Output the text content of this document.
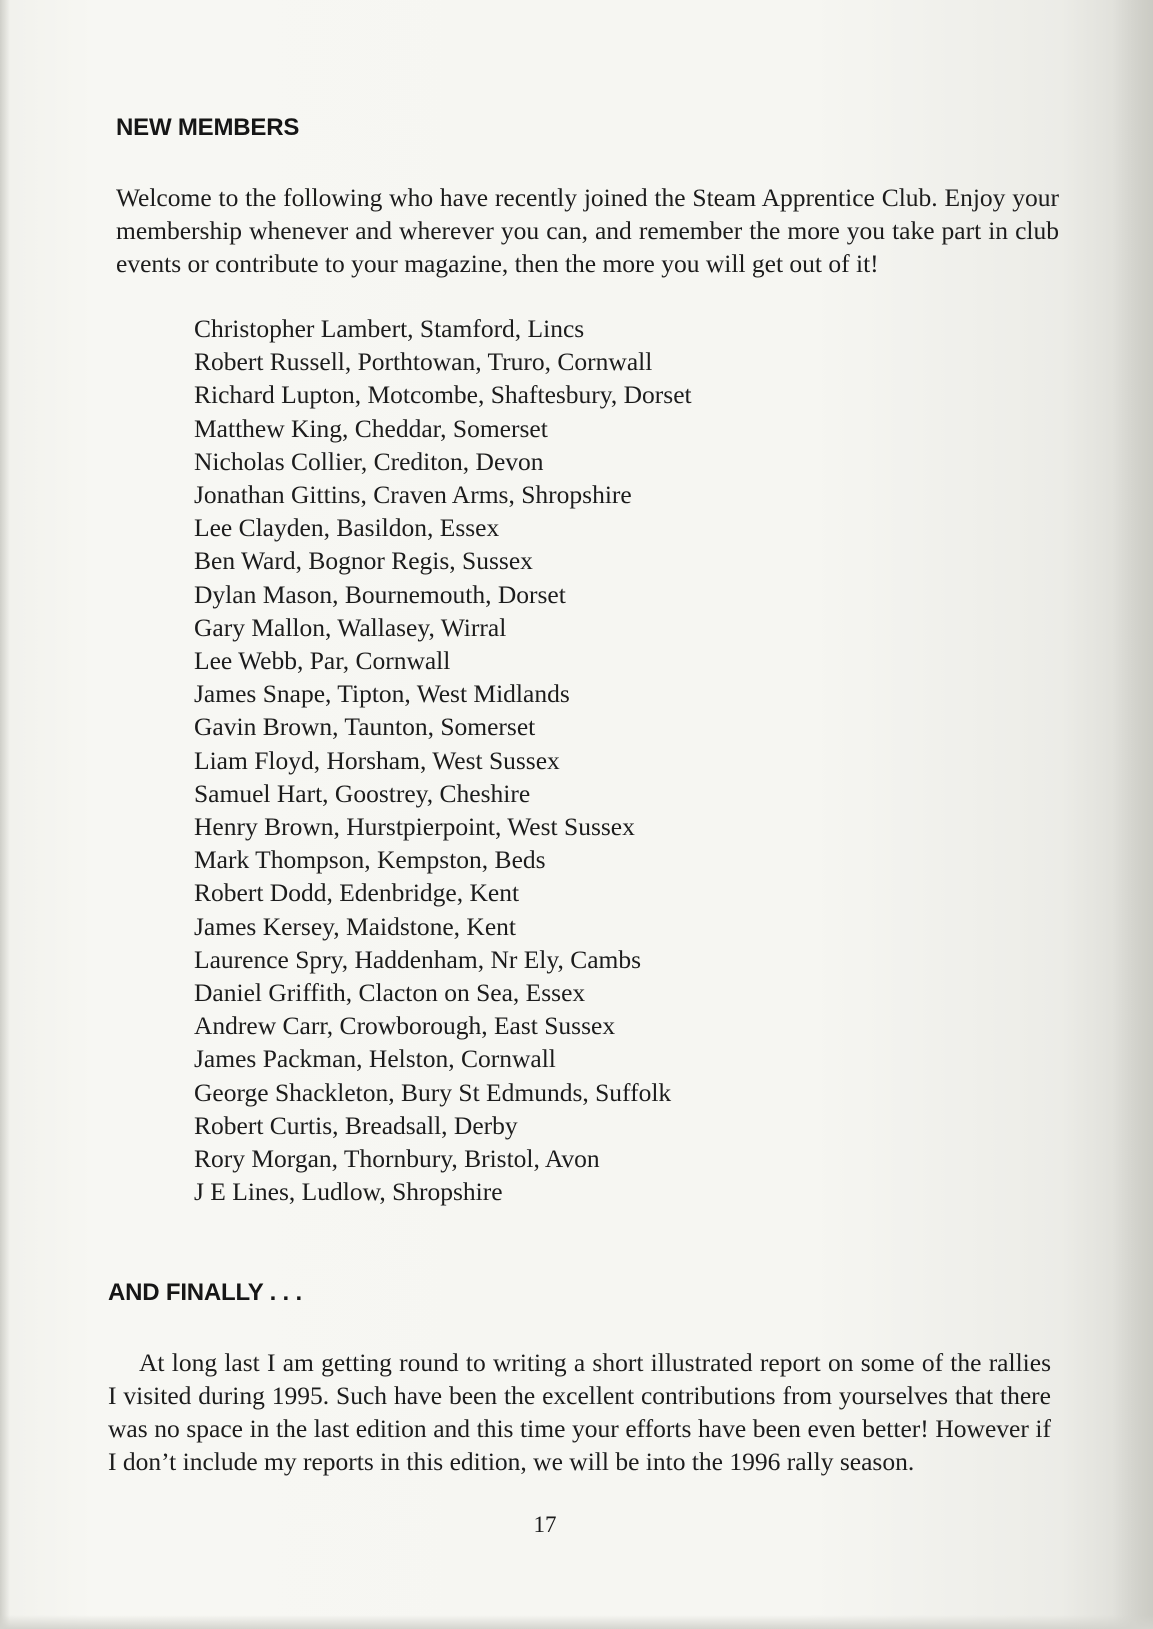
NEW MEMBERS

Welcome to the following who have recently joined the Steam Apprentice Club. Enjoy your membership whenever and wherever you can, and remember the more you take part in club events or contribute to your magazine, then the more you will get out of it!

Christopher Lambert, Stamford, Lincs
Robert Russell, Porthtowan, Truro, Cornwall
Richard Lupton, Motcombe, Shaftesbury, Dorset
Matthew King, Cheddar, Somerset
Nicholas Collier, Crediton, Devon
Jonathan Gittins, Craven Arms, Shropshire
Lee Clayden, Basildon, Essex
Ben Ward, Bognor Regis, Sussex
Dylan Mason, Bournemouth, Dorset
Gary Mallon, Wallasey, Wirral
Lee Webb, Par, Cornwall
James Snape, Tipton, West Midlands
Gavin Brown, Taunton, Somerset
Liam Floyd, Horsham, West Sussex
Samuel Hart, Goostrey, Cheshire
Henry Brown, Hurstpierpoint, West Sussex
Mark Thompson, Kempston, Beds
Robert Dodd, Edenbridge, Kent
James Kersey, Maidstone, Kent
Laurence Spry, Haddenham, Nr Ely, Cambs
Daniel Griffith, Clacton on Sea, Essex
Andrew Carr, Crowborough, East Sussex
James Packman, Helston, Cornwall
George Shackleton, Bury St Edmunds, Suffolk
Robert Curtis, Breadsall, Derby
Rory Morgan, Thornbury, Bristol, Avon
J E Lines, Ludlow, Shropshire
AND FINALLY . . .

At long last I am getting round to writing a short illustrated report on some of the rallies I visited during 1995. Such have been the excellent contributions from yourselves that there was no space in the last edition and this time your efforts have been even better! However if I don’t include my reports in this edition, we will be into the 1996 rally season.

17
